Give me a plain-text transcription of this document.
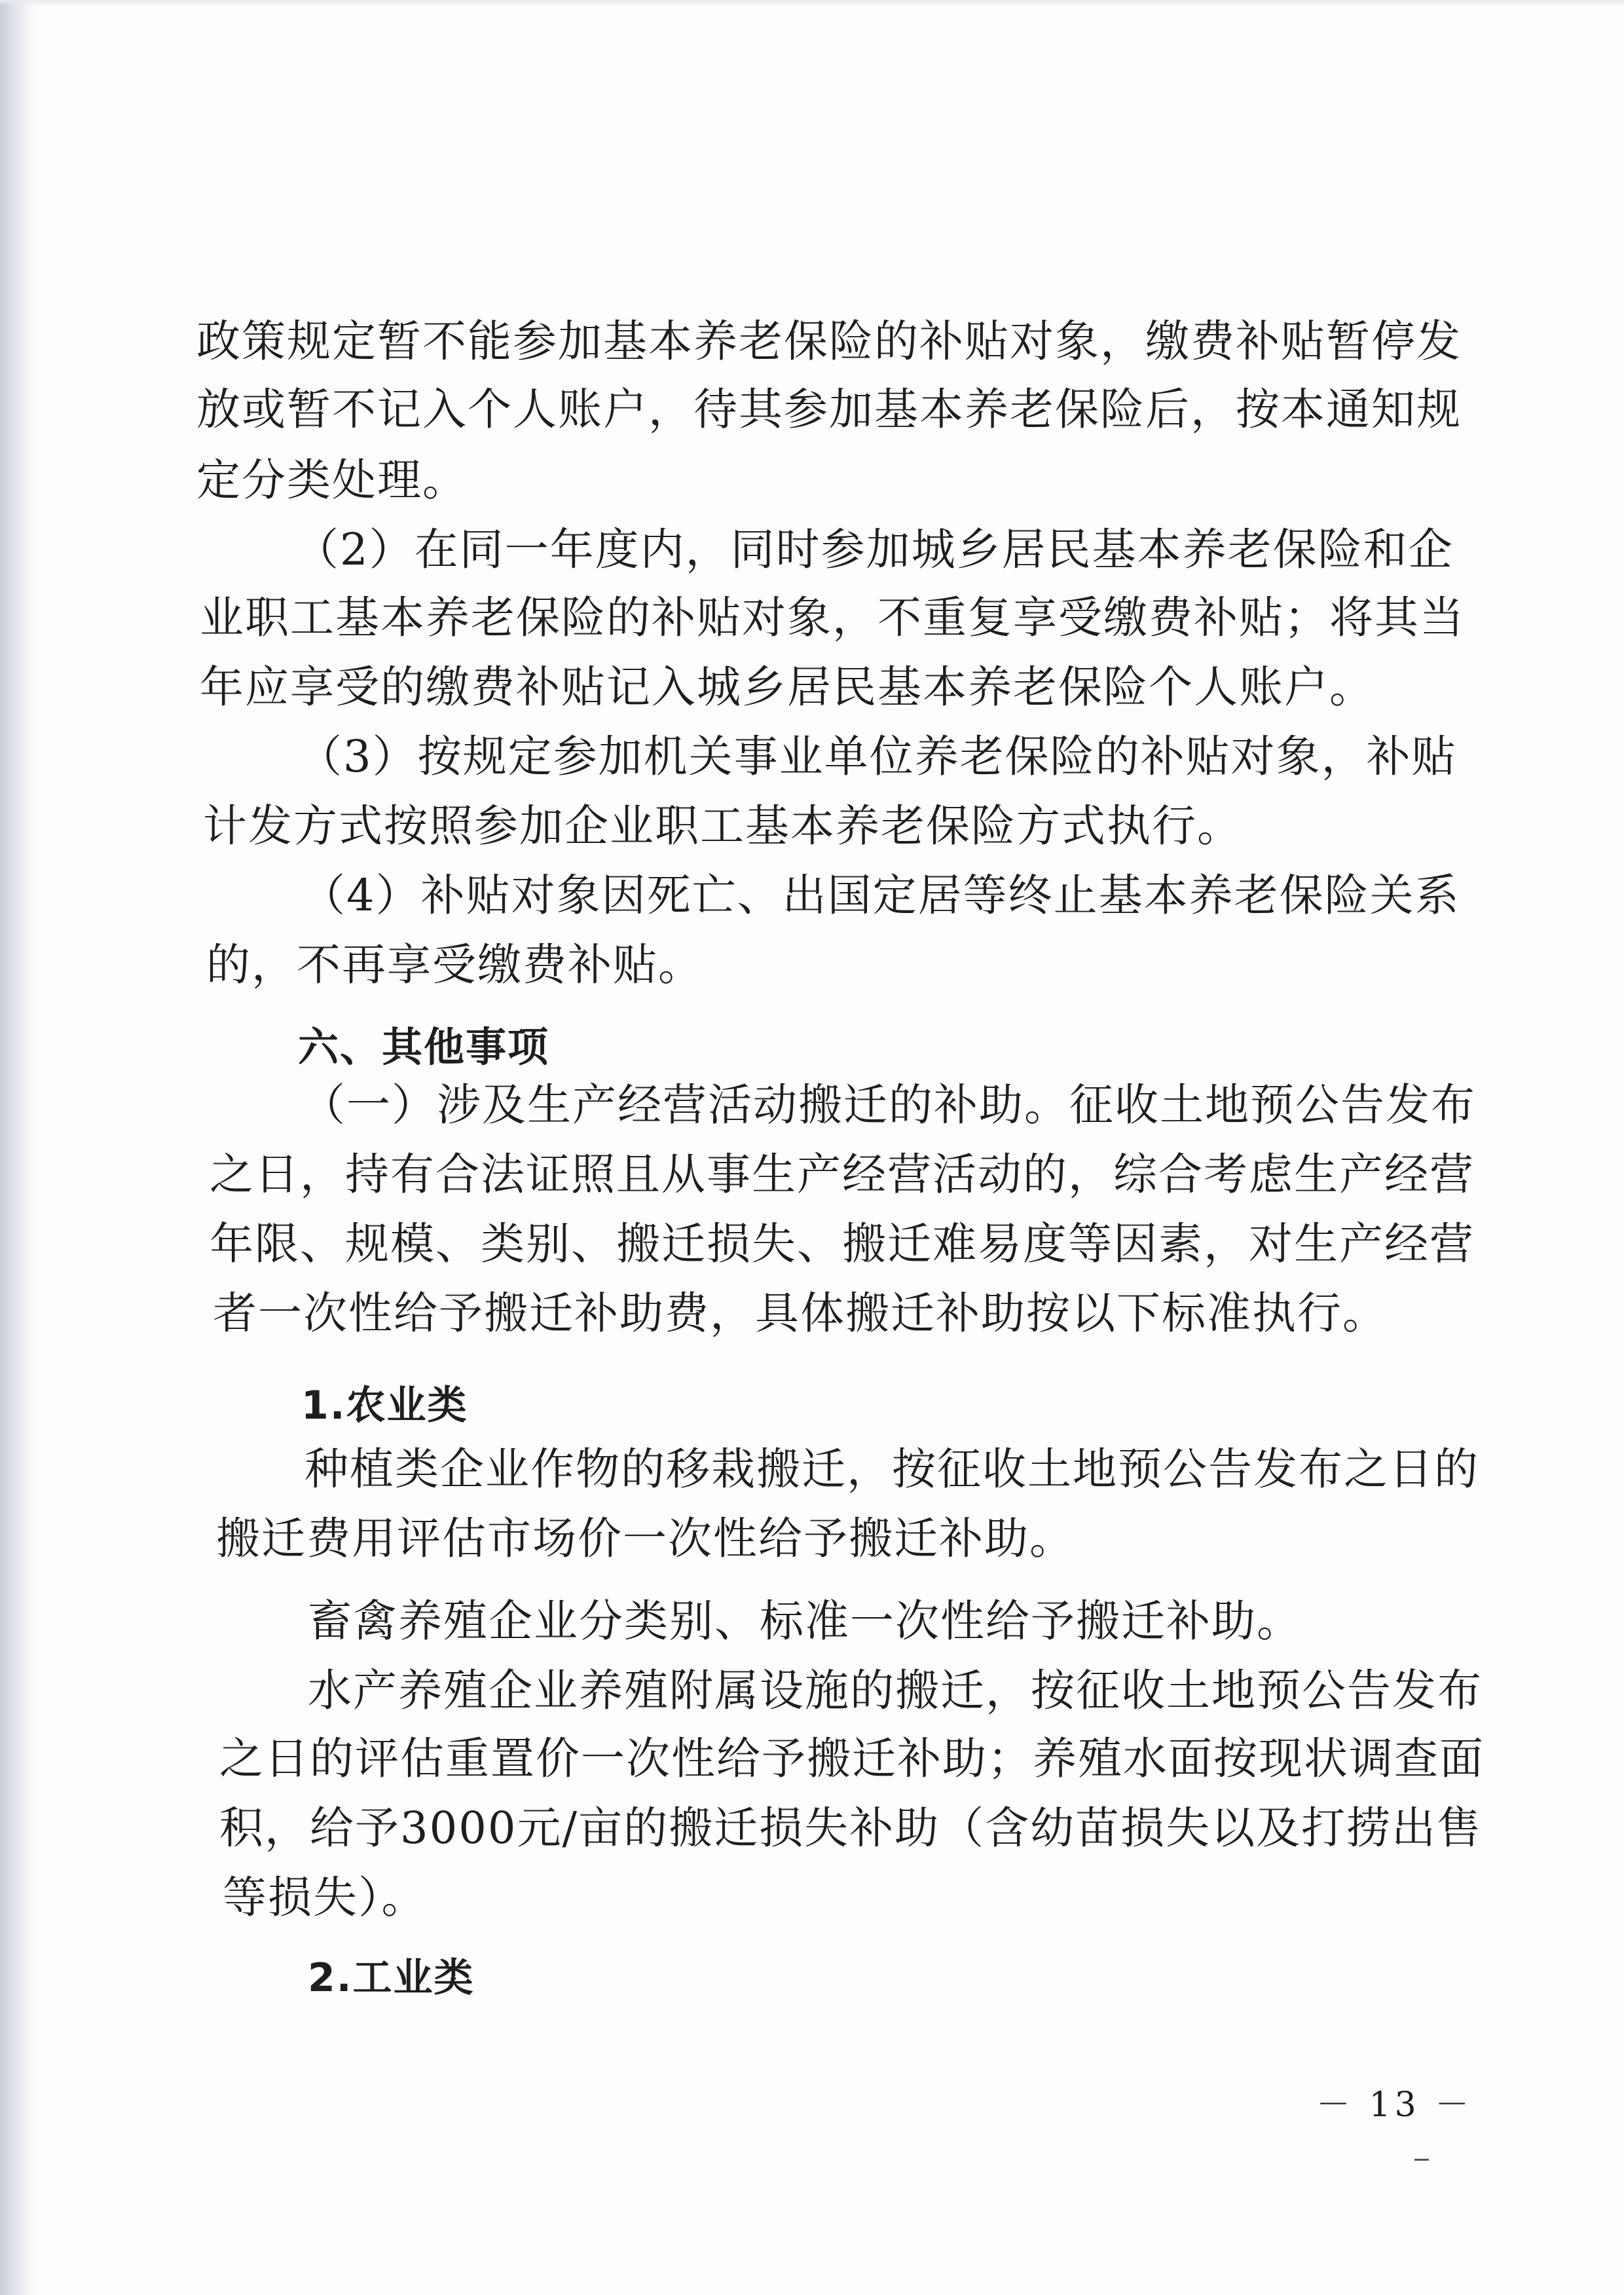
政策规定暂不能参加基本养老保险的补贴对象，缴费补贴暂停发

放或暂不记入个人账户，待其参加基本养老保险后，按本通知规

定分类处理。

（2）在同一年度内，同时参加城乡居民基本养老保险和企

业职工基本养老保险的补贴对象，不重复享受缴费补贴；将其当

年应享受的缴费补贴记入城乡居民基本养老保险个人账户。

（3）按规定参加机关事业单位养老保险的补贴对象，补贴

计发方式按照参加企业职工基本养老保险方式执行。

（4）补贴对象因死亡、出国定居等终止基本养老保险关系

的，不再享受缴费补贴。

六、其他事项

（一）涉及生产经营活动搬迁的补助。征收土地预公告发布

之日，持有合法证照且从事生产经营活动的，综合考虑生产经营

年限、规模、类别、搬迁损失、搬迁难易度等因素，对生产经营

者一次性给予搬迁补助费，具体搬迁补助按以下标准执行。

1.农业类

种植类企业作物的移栽搬迁，按征收土地预公告发布之日的

搬迁费用评估市场价一次性给予搬迁补助。

畜禽养殖企业分类别、标准一次性给予搬迁补助。

水产养殖企业养殖附属设施的搬迁，按征收土地预公告发布

之日的评估重置价一次性给予搬迁补助；养殖水面按现状调查面

积，给予3000元/亩的搬迁损失补助（含幼苗损失以及打捞出售

等损失）。

2.工业类

－ 13 －
